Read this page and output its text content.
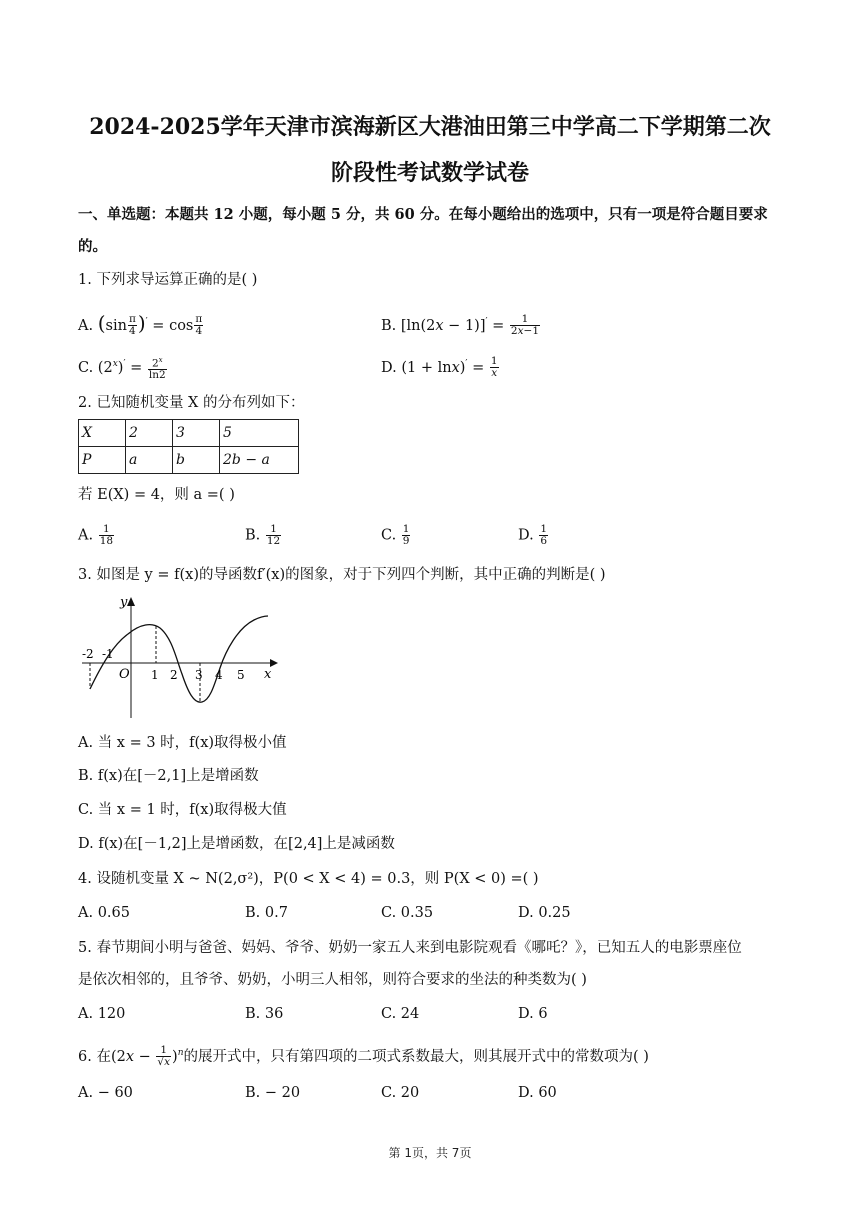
2024-2025学年天津市滨海新区大港油田第三中学高二下学期第二次
阶段性考试数学试卷
一、单选题：本题共 12 小题，每小题 5 分，共 60 分。在每小题给出的选项中，只有一项是符合题目要求
的。
1. 下列求导运算正确的是( )
A. $(\sin \frac{\pi}{4} )' = \cos \frac{\pi}{4}$	B. $[\ln(2x - 1)]' = \frac{1}{2x-1}$
C. $(2^x)' = \frac{2^x}{\ln 2}$	D. $(1 + \ln x)' = \frac{1}{x}$
2. 已知随机变量 X 的分布列如下：
X	2	3	5
P	a	b	2b − a
若 E(X) = 4，则 a =( )
A. $\frac{1}{18}$	B. $\frac{1}{12}$	C. $\frac{1}{9}$	D. $\frac{1}{6}$
3. 如图是 y = f(x)的导函数f′(x)的图象，对于下列四个判断，其中正确的判断是( )
y
x
O
-2 -1
1 2 3 4 5
A. 当 x = 3 时，f(x)取得极小值
B. f(x)在[－2,1]上是增函数
C. 当 x = 1 时，f(x)取得极大值
D. f(x)在[－1,2]上是增函数，在[2,4]上是减函数
4. 设随机变量 X ~ N(2,σ²)，P(0 < X < 4) = 0.3，则 P(X < 0) =( )
A. 0.65	B. 0.7	C. 0.35	D. 0.25
5. 春节期间小明与爸爸、妈妈、爷爷、奶奶一家五人来到电影院观看《哪吒？》，已知五人的电影票座位
是依次相邻的，且爷爷、奶奶，小明三人相邻，则符合要求的坐法的种类数为( )
A. 120	B. 36	C. 24	D. 6
6. 在$(2x - \frac{1}{√x} )^n$的展开式中，只有第四项的二项式系数最大，则其展开式中的常数项为( )
A. − 60	B. − 20	C. 20	D. 60
第 1页，共 7页
